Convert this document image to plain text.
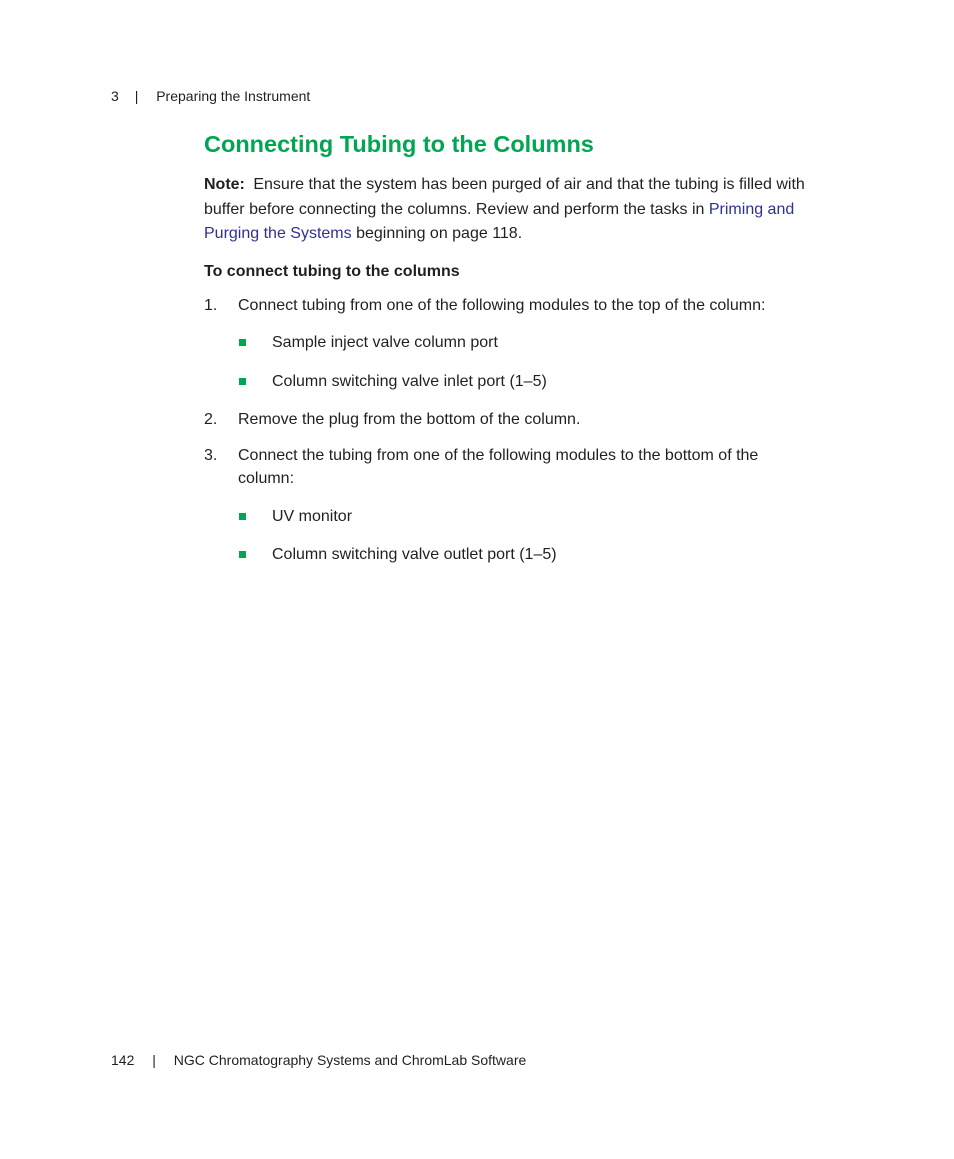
3 | Preparing the Instrument
Connecting Tubing to the Columns

Note: Ensure that the system has been purged of air and that the tubing is filled with buffer before connecting the columns. Review and perform the tasks in Priming and Purging the Systems beginning on page 118.

To connect tubing to the columns
1. Connect tubing from one of the following modules to the top of the column:
Sample inject valve column port
Column switching valve inlet port (1–5)
2. Remove the plug from the bottom of the column.
3. Connect the tubing from one of the following modules to the bottom of the column:
UV monitor
Column switching valve outlet port (1–5)
142 | NGC Chromatography Systems and ChromLab Software
